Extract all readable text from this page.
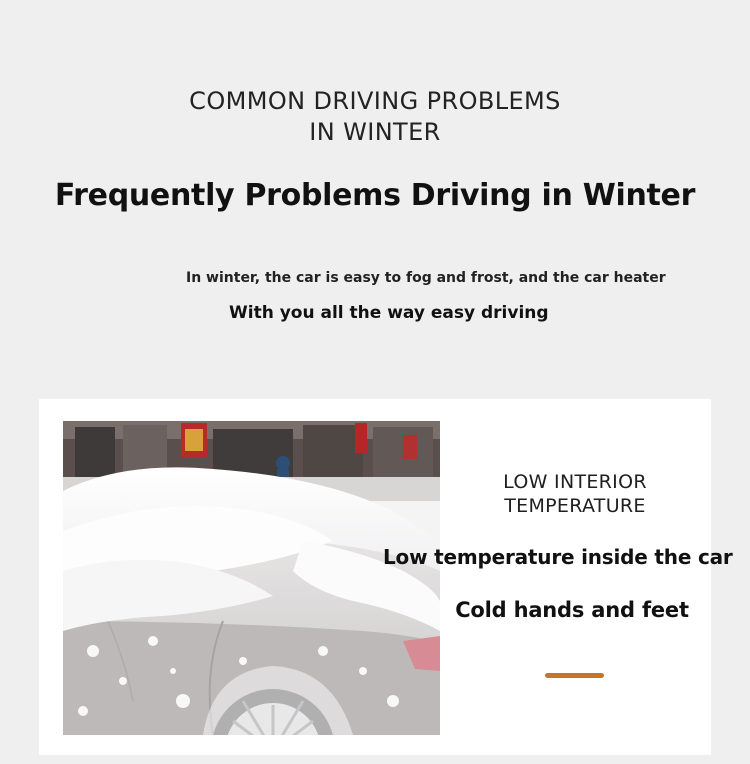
COMMON DRIVING PROBLEMS
IN WINTER
Frequently Problems Driving in Winter
In winter, the car is easy to fog and frost, and the car heater
With you all the way easy driving
LOW INTERIOR
TEMPERATURE
Low temperature inside the car
Cold hands and feet
